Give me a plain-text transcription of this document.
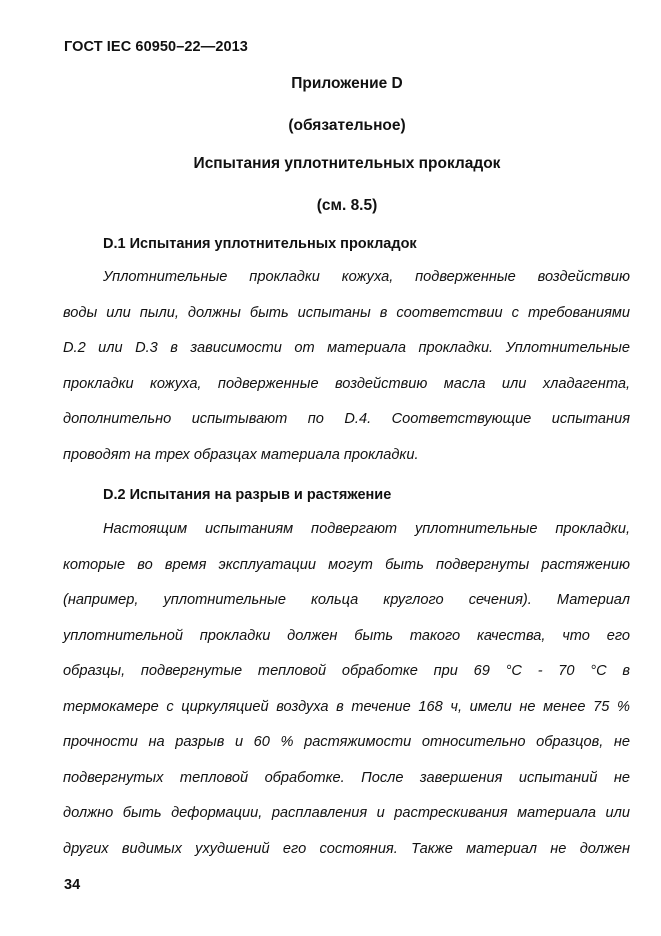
ГОСТ IEC 60950–22—2013
Приложение D
(обязательное)
Испытания уплотнительных прокладок
(см. 8.5)
D.1 Испытания уплотнительных прокладок
Уплотнительные прокладки кожуха, подверженные воздействию
воды или пыли, должны быть испытаны в соответствии с требованиями
D.2 или D.3 в зависимости от материала прокладки. Уплотнительные
прокладки кожуха, подверженные воздействию масла или хладагента,
дополнительно испытывают по D.4. Соответствующие испытания
проводят на трех образцах материала прокладки.
D.2 Испытания на разрыв и растяжение
Настоящим испытаниям подвергают уплотнительные прокладки,
которые во время эксплуатации могут быть подвергнуты растяжению
(например, уплотнительные кольца круглого сечения). Материал
уплотнительной прокладки должен быть такого качества, что его
образцы, подвергнутые тепловой обработке при 69 °С - 70 °С в
термокамере с циркуляцией воздуха в течение 168 ч, имели не менее 75 %
прочности на разрыв и 60 % растяжимости относительно образцов, не
подвергнутых тепловой обработке. После завершения испытаний не
должно быть деформации, расплавления и растрескивания материала или
других видимых ухудшений его состояния. Также материал не должен
34
